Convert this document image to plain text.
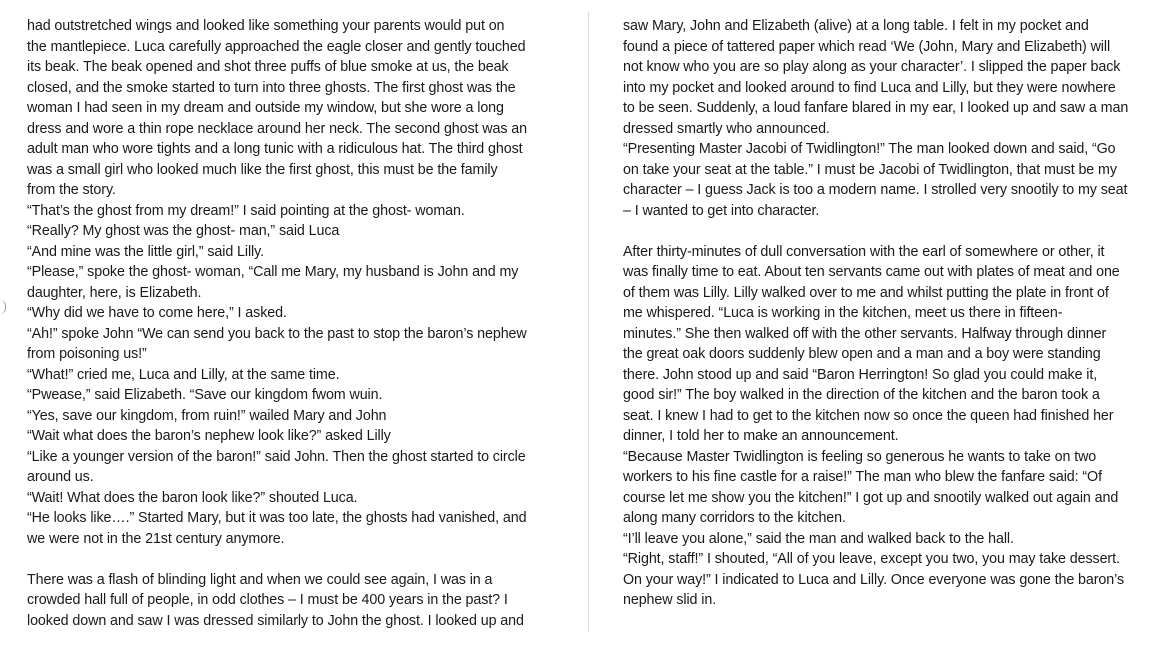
had outstretched wings and looked like something your parents would put on
the mantlepiece. Luca carefully approached the eagle closer and gently touched
its beak. The beak opened and shot three puffs of blue smoke at us, the beak
closed, and the smoke started to turn into three ghosts. The first ghost was the
woman I had seen in my dream and outside my window, but she wore a long
dress and wore a thin rope necklace around her neck. The second ghost was an
adult man who wore tights and a long tunic with a ridiculous hat. The third ghost
was a small girl who looked much like the first ghost, this must be the family
from the story.
“That’s the ghost from my dream!” I said pointing at the ghost- woman.
“Really? My ghost was the ghost- man,” said Luca
“And mine was the little girl,” said Lilly.
“Please,” spoke the ghost- woman, “Call me Mary, my husband is John and my
daughter, here, is Elizabeth.
“Why did we have to come here,” I asked.
“Ah!” spoke John “We can send you back to the past to stop the baron’s nephew
from poisoning us!”
“What!” cried me, Luca and Lilly, at the same time.
“Pwease,” said Elizabeth. “Save our kingdom fwom wuin.
“Yes, save our kingdom, from ruin!” wailed Mary and John
“Wait what does the baron’s nephew look like?” asked Lilly
“Like a younger version of the baron!” said John. Then the ghost started to circle
around us.
“Wait! What does the baron look like?” shouted Luca.
“He looks like….” Started Mary, but it was too late, the ghosts had vanished, and
we were not in the 21st century anymore.
There was a flash of blinding light and when we could see again, I was in a
crowded hall full of people, in odd clothes – I must be 400 years in the past? I
looked down and saw I was dressed similarly to John the ghost. I looked up and
saw Mary, John and Elizabeth (alive) at a long table. I felt in my pocket and
found a piece of tattered paper which read ‘We (John, Mary and Elizabeth) will
not know who you are so play along as your character’. I slipped the paper back
into my pocket and looked around to find Luca and Lilly, but they were nowhere
to be seen. Suddenly, a loud fanfare blared in my ear, I looked up and saw a man
dressed smartly who announced.
“Presenting Master Jacobi of Twidlington!” The man looked down and said, “Go
on take your seat at the table.” I must be Jacobi of Twidlington, that must be my
character – I guess Jack is too a modern name. I strolled very snootily to my seat
– I wanted to get into character.
After thirty-minutes of dull conversation with the earl of somewhere or other, it
was finally time to eat. About ten servants came out with plates of meat and one
of them was Lilly. Lilly walked over to me and whilst putting the plate in front of
me whispered. “Luca is working in the kitchen, meet us there in fifteen-
minutes.” She then walked off with the other servants. Halfway through dinner
the great oak doors suddenly blew open and a man and a boy were standing
there. John stood up and said “Baron Herrington! So glad you could make it,
good sir!” The boy walked in the direction of the kitchen and the baron took a
seat. I knew I had to get to the kitchen now so once the queen had finished her
dinner, I told her to make an announcement.
“Because Master Twidlington is feeling so generous he wants to take on two
workers to his fine castle for a raise!” The man who blew the fanfare said: “Of
course let me show you the kitchen!” I got up and snootily walked out again and
along many corridors to the kitchen.
“I’ll leave you alone,” said the man and walked back to the hall.
“Right, staff!” I shouted, “All of you leave, except you two, you may take dessert.
On your way!” I indicated to Luca and Lilly. Once everyone was gone the baron’s
nephew slid in.
